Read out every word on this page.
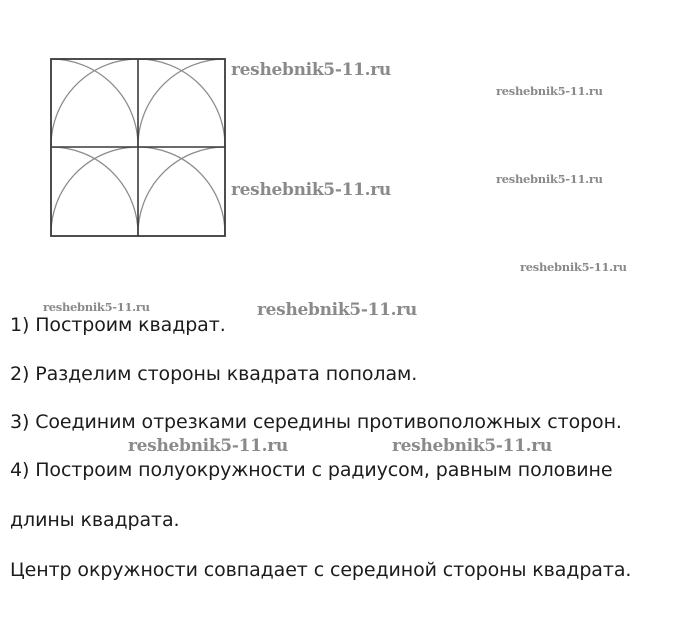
reshebnik5-11.ru
reshebnik5-11.ru
reshebnik5-11.ru
reshebnik5-11.ru
reshebnik5-11.ru
reshebnik5-11.ru	reshebnik5-11.ru
reshebnik5-11.ru	reshebnik5-11.ru
1) Построим квадрат.
2) Разделим стороны квадрата пополам.
3) Соединим отрезками середины противоположных сторон.
4) Построим полуокружности с радиусом, равным половине
длины квадрата.
Центр окружности совпадает с серединой стороны квадрата.
